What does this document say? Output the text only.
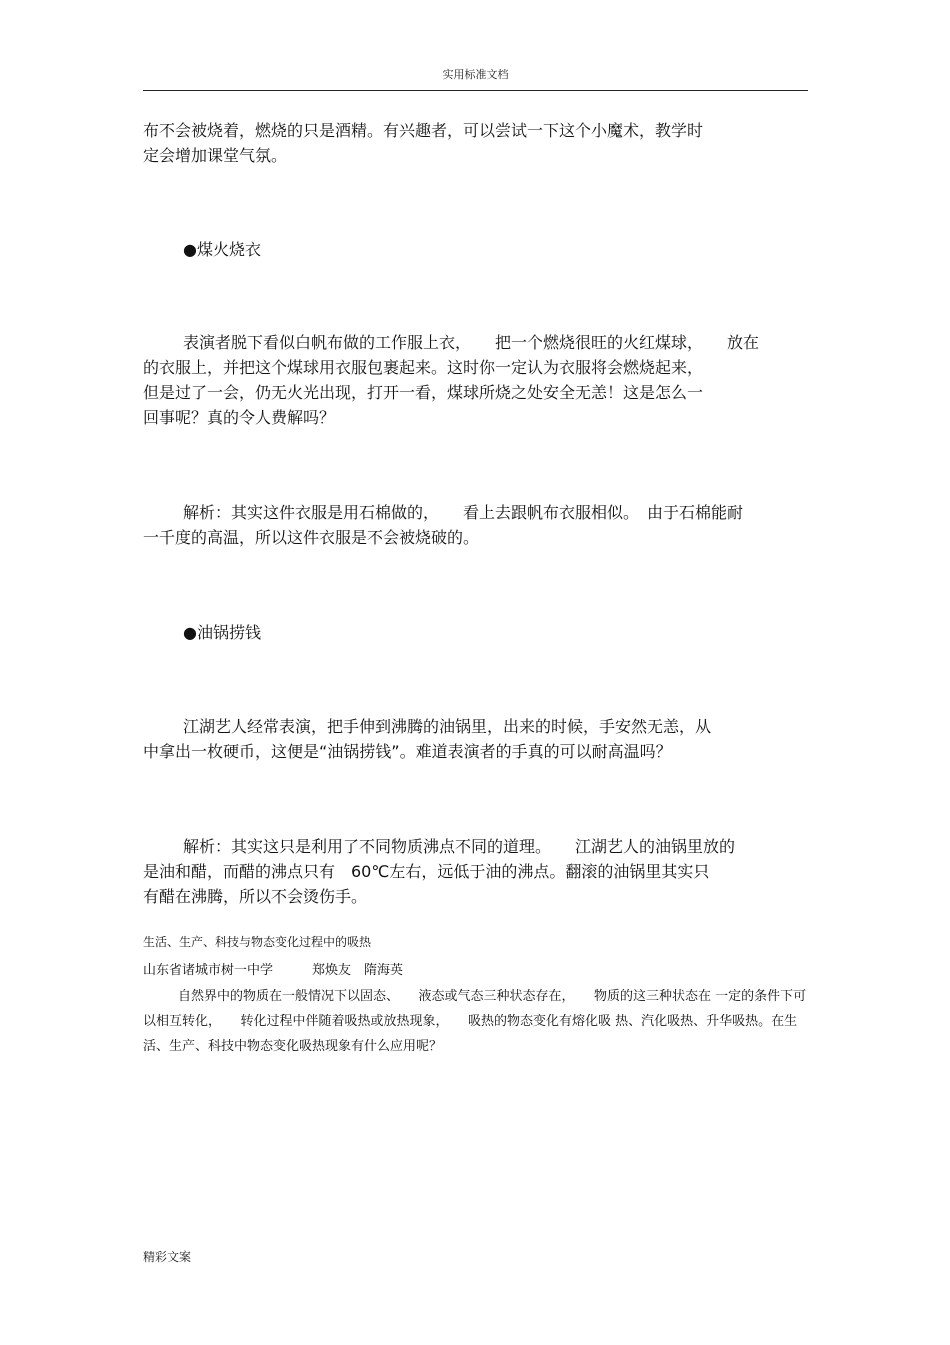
实用标准文档
布不会被烧着，燃烧的只是酒精。有兴趣者，可以尝试一下这个小魔术，教学时
定会增加课堂气氛。
●煤火烧衣
表演者脱下看似白帆布做的工作服上衣，　　把一个燃烧很旺的火红煤球，　　放在
的衣服上，并把这个煤球用衣服包裹起来。这时你一定认为衣服将会燃烧起来，
但是过了一会，仍无火光出现，打开一看，煤球所烧之处安全无恙！这是怎么一
回事呢？真的令人费解吗？
解析：其实这件衣服是用石棉做的，　　看上去跟帆布衣服相似。　由于石棉能耐
一千度的高温，所以这件衣服是不会被烧破的。
●油锅捞钱
江湖艺人经常表演，把手伸到沸腾的油锅里，出来的时候，手安然无恙，从
中拿出一枚硬币，这便是“油锅捞钱”。难道表演者的手真的可以耐高温吗？
解析：其实这只是利用了不同物质沸点不同的道理。　　江湖艺人的油锅里放的
是油和醋，而醋的沸点只有　60℃左右，远低于油的沸点。翻滚的油锅里其实只
有醋在沸腾，所以不会烫伤手。
生活、生产、科技与物态变化过程中的吸热
山东省诸城市树一中学　　　郑焕友　隋海英
自然界中的物质在一般情况下以固态、　　液态或气态三种状态存在，　　物质的这三种状态在 一定的条件下可以相互转化，　　转化过程中伴随着吸热或放热现象，　　吸热的物态变化有熔化吸 热、汽化吸热、升华吸热。在生活、生产、科技中物态变化吸热现象有什么应用呢？
精彩文案
